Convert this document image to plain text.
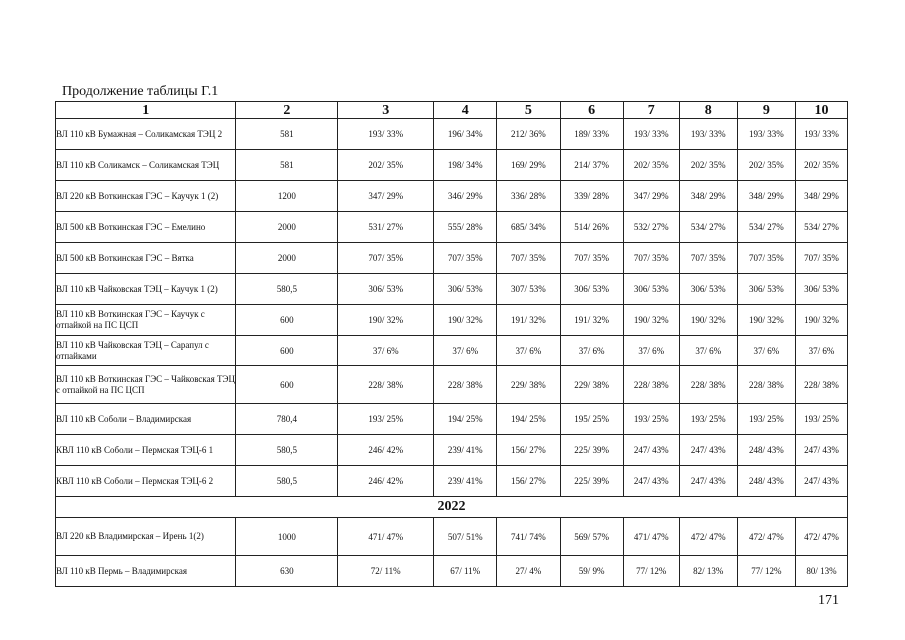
Продолжение таблицы Г.1
1	2	3	4	5	6	7	8	9	10
ВЛ 110 кВ Бумажная – Соликамская ТЭЦ 2	581	193/ 33%	196/ 34%	212/ 36%	189/ 33%	193/ 33%	193/ 33%	193/ 33%	193/ 33%
ВЛ 110 кВ Соликамск – Соликамская ТЭЦ	581	202/ 35%	198/ 34%	169/ 29%	214/ 37%	202/ 35%	202/ 35%	202/ 35%	202/ 35%
ВЛ 220 кВ Воткинская ГЭС – Каучук 1 (2)	1200	347/ 29%	346/ 29%	336/ 28%	339/ 28%	347/ 29%	348/ 29%	348/ 29%	348/ 29%
ВЛ 500 кВ Воткинская ГЭС – Емелино	2000	531/ 27%	555/ 28%	685/ 34%	514/ 26%	532/ 27%	534/ 27%	534/ 27%	534/ 27%
ВЛ 500 кВ Воткинская ГЭС – Вятка	2000	707/ 35%	707/ 35%	707/ 35%	707/ 35%	707/ 35%	707/ 35%	707/ 35%	707/ 35%
ВЛ 110 кВ Чайковская ТЭЦ – Каучук 1 (2)	580,5	306/ 53%	306/ 53%	307/ 53%	306/ 53%	306/ 53%	306/ 53%	306/ 53%	306/ 53%
ВЛ 110 кВ Воткинская ГЭС – Каучук с отпайкой на ПС ЦСП	600	190/ 32%	190/ 32%	191/ 32%	191/ 32%	190/ 32%	190/ 32%	190/ 32%	190/ 32%
ВЛ 110 кВ Чайковская ТЭЦ – Сарапул с отпайками	600	37/ 6%	37/ 6%	37/ 6%	37/ 6%	37/ 6%	37/ 6%	37/ 6%	37/ 6%
ВЛ 110 кВ Воткинская ГЭС – Чайковская ТЭЦ с отпайкой на ПС ЦСП	600	228/ 38%	228/ 38%	229/ 38%	229/ 38%	228/ 38%	228/ 38%	228/ 38%	228/ 38%
ВЛ 110 кВ Соболи – Владимирская	780,4	193/ 25%	194/ 25%	194/ 25%	195/ 25%	193/ 25%	193/ 25%	193/ 25%	193/ 25%
КВЛ 110 кВ Соболи – Пермская ТЭЦ-6 1	580,5	246/ 42%	239/ 41%	156/ 27%	225/ 39%	247/ 43%	247/ 43%	248/ 43%	247/ 43%
КВЛ 110 кВ Соболи – Пермская ТЭЦ-6 2	580,5	246/ 42%	239/ 41%	156/ 27%	225/ 39%	247/ 43%	247/ 43%	248/ 43%	247/ 43%
2022									
ВЛ 220 кВ Владимирская – Ирень 1(2)	1000	471/ 47%	507/ 51%	741/ 74%	569/ 57%	471/ 47%	472/ 47%	472/ 47%	472/ 47%
ВЛ 110 кВ Пермь – Владимирская	630	72/ 11%	67/ 11%	27/ 4%	59/ 9%	77/ 12%	82/ 13%	77/ 12%	80/ 13%
171
